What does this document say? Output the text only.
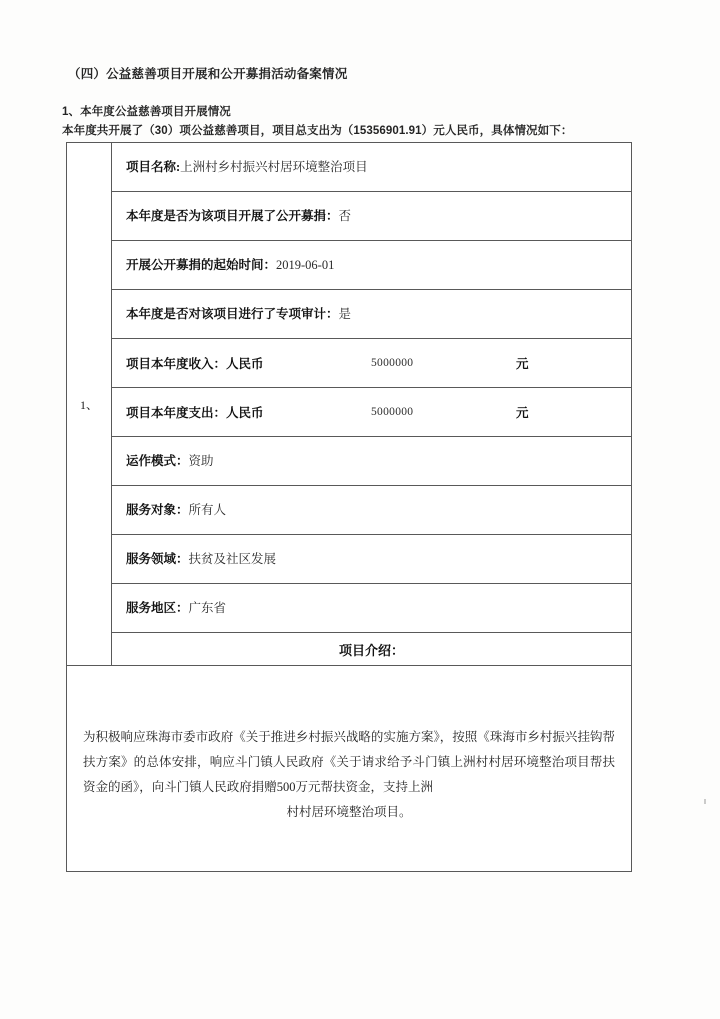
（四）公益慈善项目开展和公开募捐活动备案情况
1、本年度公益慈善项目开展情况
本年度共开展了（30）项公益慈善项目，项目总支出为（15356901.91）元人民币，具体情况如下：
1、	
项目名称:上洲村乡村振兴村居环境整治项目

本年度是否为该项目开展了公开募捐：否

开展公开募捐的起始时间：2019-06-01

本年度是否对该项目进行了专项审计：是

项目本年度收入：人民币	5000000	元

项目本年度支出：人民币	5000000	元

运作模式：资助

服务对象：所有人

服务领域：扶贫及社区发展

服务地区：广东省

项目介绍：

为积极响应珠海市委市政府《关于推进乡村振兴战略的实施方案》，按照《珠海市乡村振兴挂钩帮扶方案》的总体安排，响应斗门镇人民政府《关于请求给予斗门镇上洲村村居环境整治项目帮扶资金的函》，向斗门镇人民政府捐赠500万元帮扶资金，支持上洲
村村居环境整治项目。
